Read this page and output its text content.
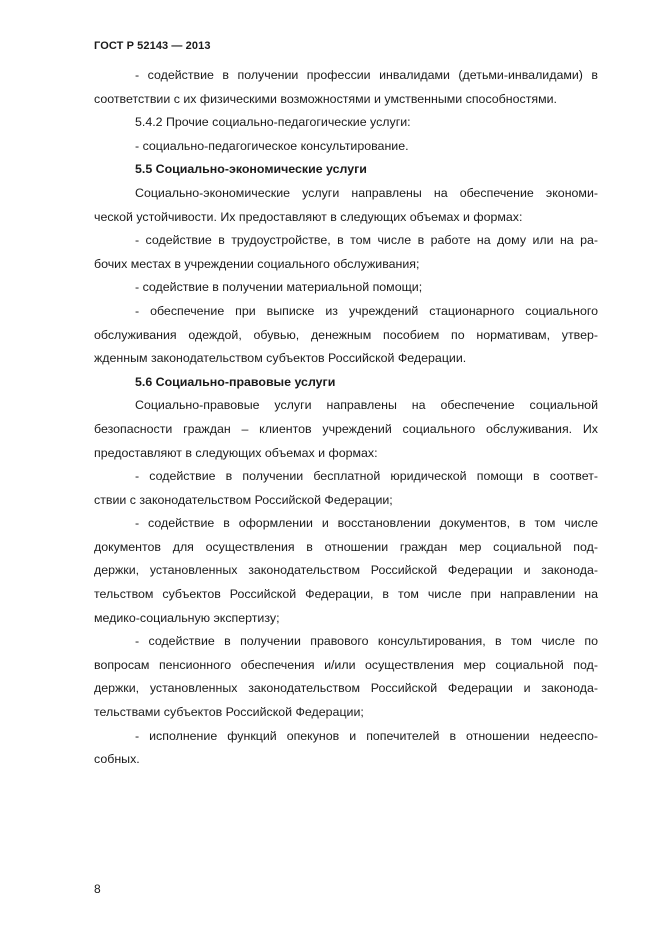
ГОСТ Р 52143 — 2013
- содействие в получении профессии инвалидами (детьми-инвалидами) в
соответствии с их физическими возможностями и умственными способностями.
5.4.2 Прочие социально-педагогические услуги:
- социально-педагогическое консультирование.
5.5 Социально-экономические услуги
Социально-экономические услуги направлены на обеспечение экономи-
ческой устойчивости. Их предоставляют в следующих объемах и формах:
- содействие в трудоустройстве, в том числе в работе на дому или на ра-
бочих местах в учреждении социального обслуживания;
- содействие в получении материальной помощи;
- обеспечение при выписке из учреждений стационарного социального
обслуживания одеждой, обувью, денежным пособием по нормативам, утвер-
жденным законодательством субъектов Российской Федерации.
5.6 Социально-правовые услуги
Социально-правовые услуги направлены на обеспечение социальной
безопасности граждан – клиентов учреждений социального обслуживания. Их
предоставляют в следующих объемах и формах:
- содействие в получении бесплатной юридической помощи в соответ-
ствии с законодательством Российской Федерации;
- содействие в оформлении и восстановлении документов, в том числе
документов для осуществления в отношении граждан мер социальной под-
держки, установленных законодательством Российской Федерации и законода-
тельством субъектов Российской Федерации, в том числе при направлении на
медико-социальную экспертизу;
- содействие в получении правового консультирования, в том числе по
вопросам пенсионного обеспечения и/или осуществления мер социальной под-
держки, установленных законодательством Российской Федерации и законода-
тельствами субъектов Российской Федерации;
- исполнение функций опекунов и попечителей в отношении недееспо-
собных.
8
